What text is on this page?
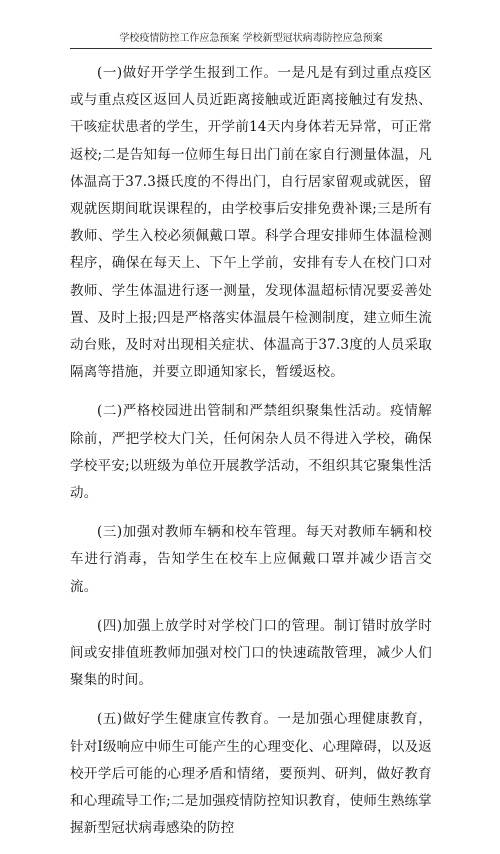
学校疫情防控工作应急预案 学校新型冠状病毒防控应急预案

(一)做好开学学生报到工作。一是凡是有到过重点疫区或与重点疫区返回人员近距离接触或近距离接触过有发热、干咳症状患者的学生，开学前14天内身体若无异常，可正常返校;二是告知每一位师生每日出门前在家自行测量体温，凡体温高于37.3摄氏度的不得出门，自行居家留观或就医，留观就医期间耽误课程的，由学校事后安排免费补课;三是所有教师、学生入校必须佩戴口罩。科学合理安排师生体温检测程序，确保在每天上、下午上学前，安排有专人在校门口对教师、学生体温进行逐一测量，发现体温超标情况要妥善处置、及时上报;四是严格落实体温晨午检测制度，建立师生流动台账，及时对出现相关症状、体温高于37.3度的人员采取隔离等措施，并要立即通知家长，暂缓返校。

(二)严格校园进出管制和严禁组织聚集性活动。疫情解除前，严把学校大门关，任何闲杂人员不得进入学校，确保学校平安;以班级为单位开展教学活动，不组织其它聚集性活动。

(三)加强对教师车辆和校车管理。每天对教师车辆和校车进行消毒，告知学生在校车上应佩戴口罩并减少语言交流。

(四)加强上放学时对学校门口的管理。制订错时放学时间或安排值班教师加强对校门口的快速疏散管理，减少人们聚集的时间。

(五)做好学生健康宣传教育。一是加强心理健康教育，针对Ⅰ级响应中师生可能产生的心理变化、心理障碍，以及返校开学后可能的心理矛盾和情绪，要预判、研判，做好教育和心理疏导工作;二是加强疫情防控知识教育，使师生熟练掌握新型冠状病毒感染的防控
